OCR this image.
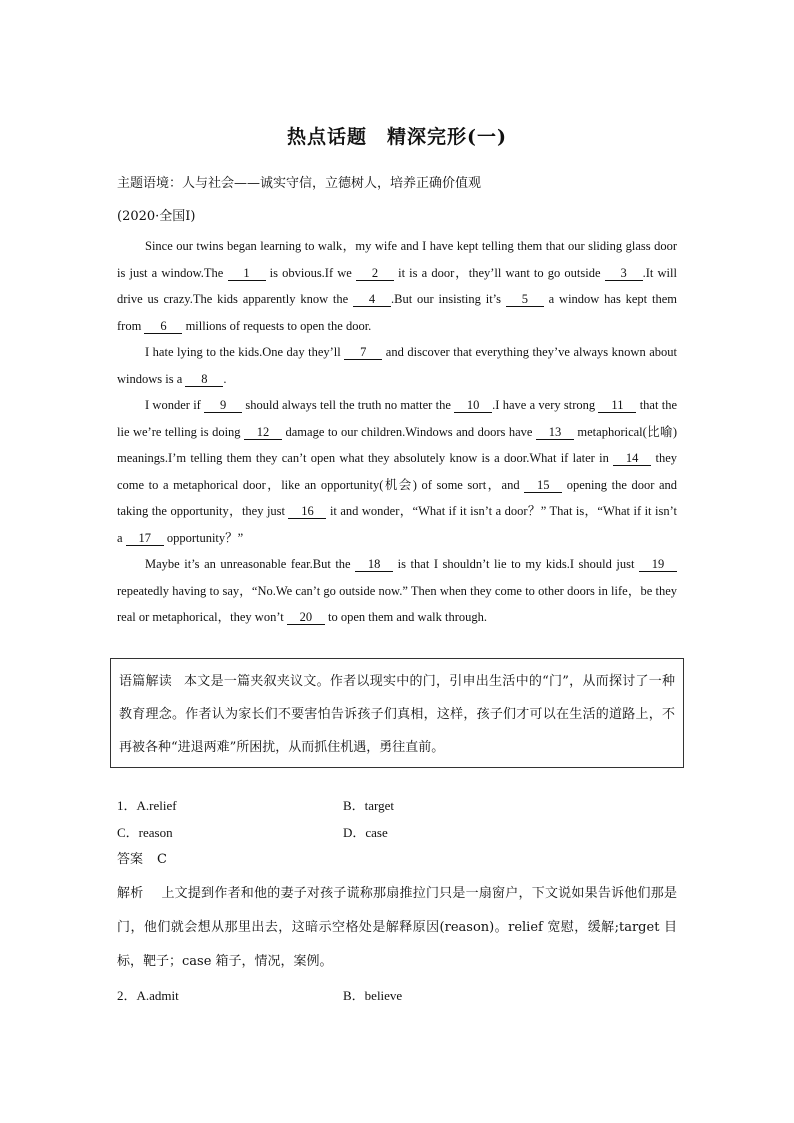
热点话题　精深完形(一)
主题语境：人与社会——诚实守信，立德树人，培养正确价值观
(2020·全国Ⅰ)

Since our twins began learning to walk，my wife and I have kept telling them that our sliding glass door is just a window.The 1 is obvious.If we 2 it is a door，they’ll want to go outside 3 .It will drive us crazy.The kids apparently know the 4 .But our insisting it’s 5 a window has kept them from 6 millions of requests to open the door.

I hate lying to the kids.One day they’ll 7 and discover that everything they’ve always known about windows is a 8 .

I wonder if 9 should always tell the truth no matter the 10 .I have a very strong 11 that the lie we’re telling is doing 12 damage to our children.Windows and doors have 13 metaphorical(比喻) meanings.I’m telling them they can’t open what they absolutely know is a door.What if later in 14 they come to a metaphorical door，like an opportunity(机会) of some sort，and 15 opening the door and taking the opportunity，they just 16 it and wonder，“What if it isn’t a door？” That is，“What if it isn’t a 17 opportunity？”

Maybe it’s an unreasonable fear.But the 18 is that I shouldn’t lie to my kids.I should just 19 repeatedly having to say，“No.We can’t go outside now.” Then when they come to other doors in life，be they real or metaphorical，they won’t 20 to open them and walk through.

语篇解读 本文是一篇夹叙夹议文。作者以现实中的门，引申出生活中的“门”，从而探讨了一种教育理念。作者认为家长们不要害怕告诉孩子们真相，这样，孩子们才可以在生活的道路上，不再被各种“进退两难”所困扰，从而抓住机遇，勇往直前。

1．A.relief	B．target
C．reason	D．case
答案 C

解析 上文提到作者和他的妻子对孩子谎称那扇推拉门只是一扇窗户，下文说如果告诉他们那是门，他们就会想从那里出去，这暗示空格处是解释原因(reason)。relief 宽慰，缓解;target 目标，靶子；case 箱子，情况，案例。

2．A.admit	B．believe
